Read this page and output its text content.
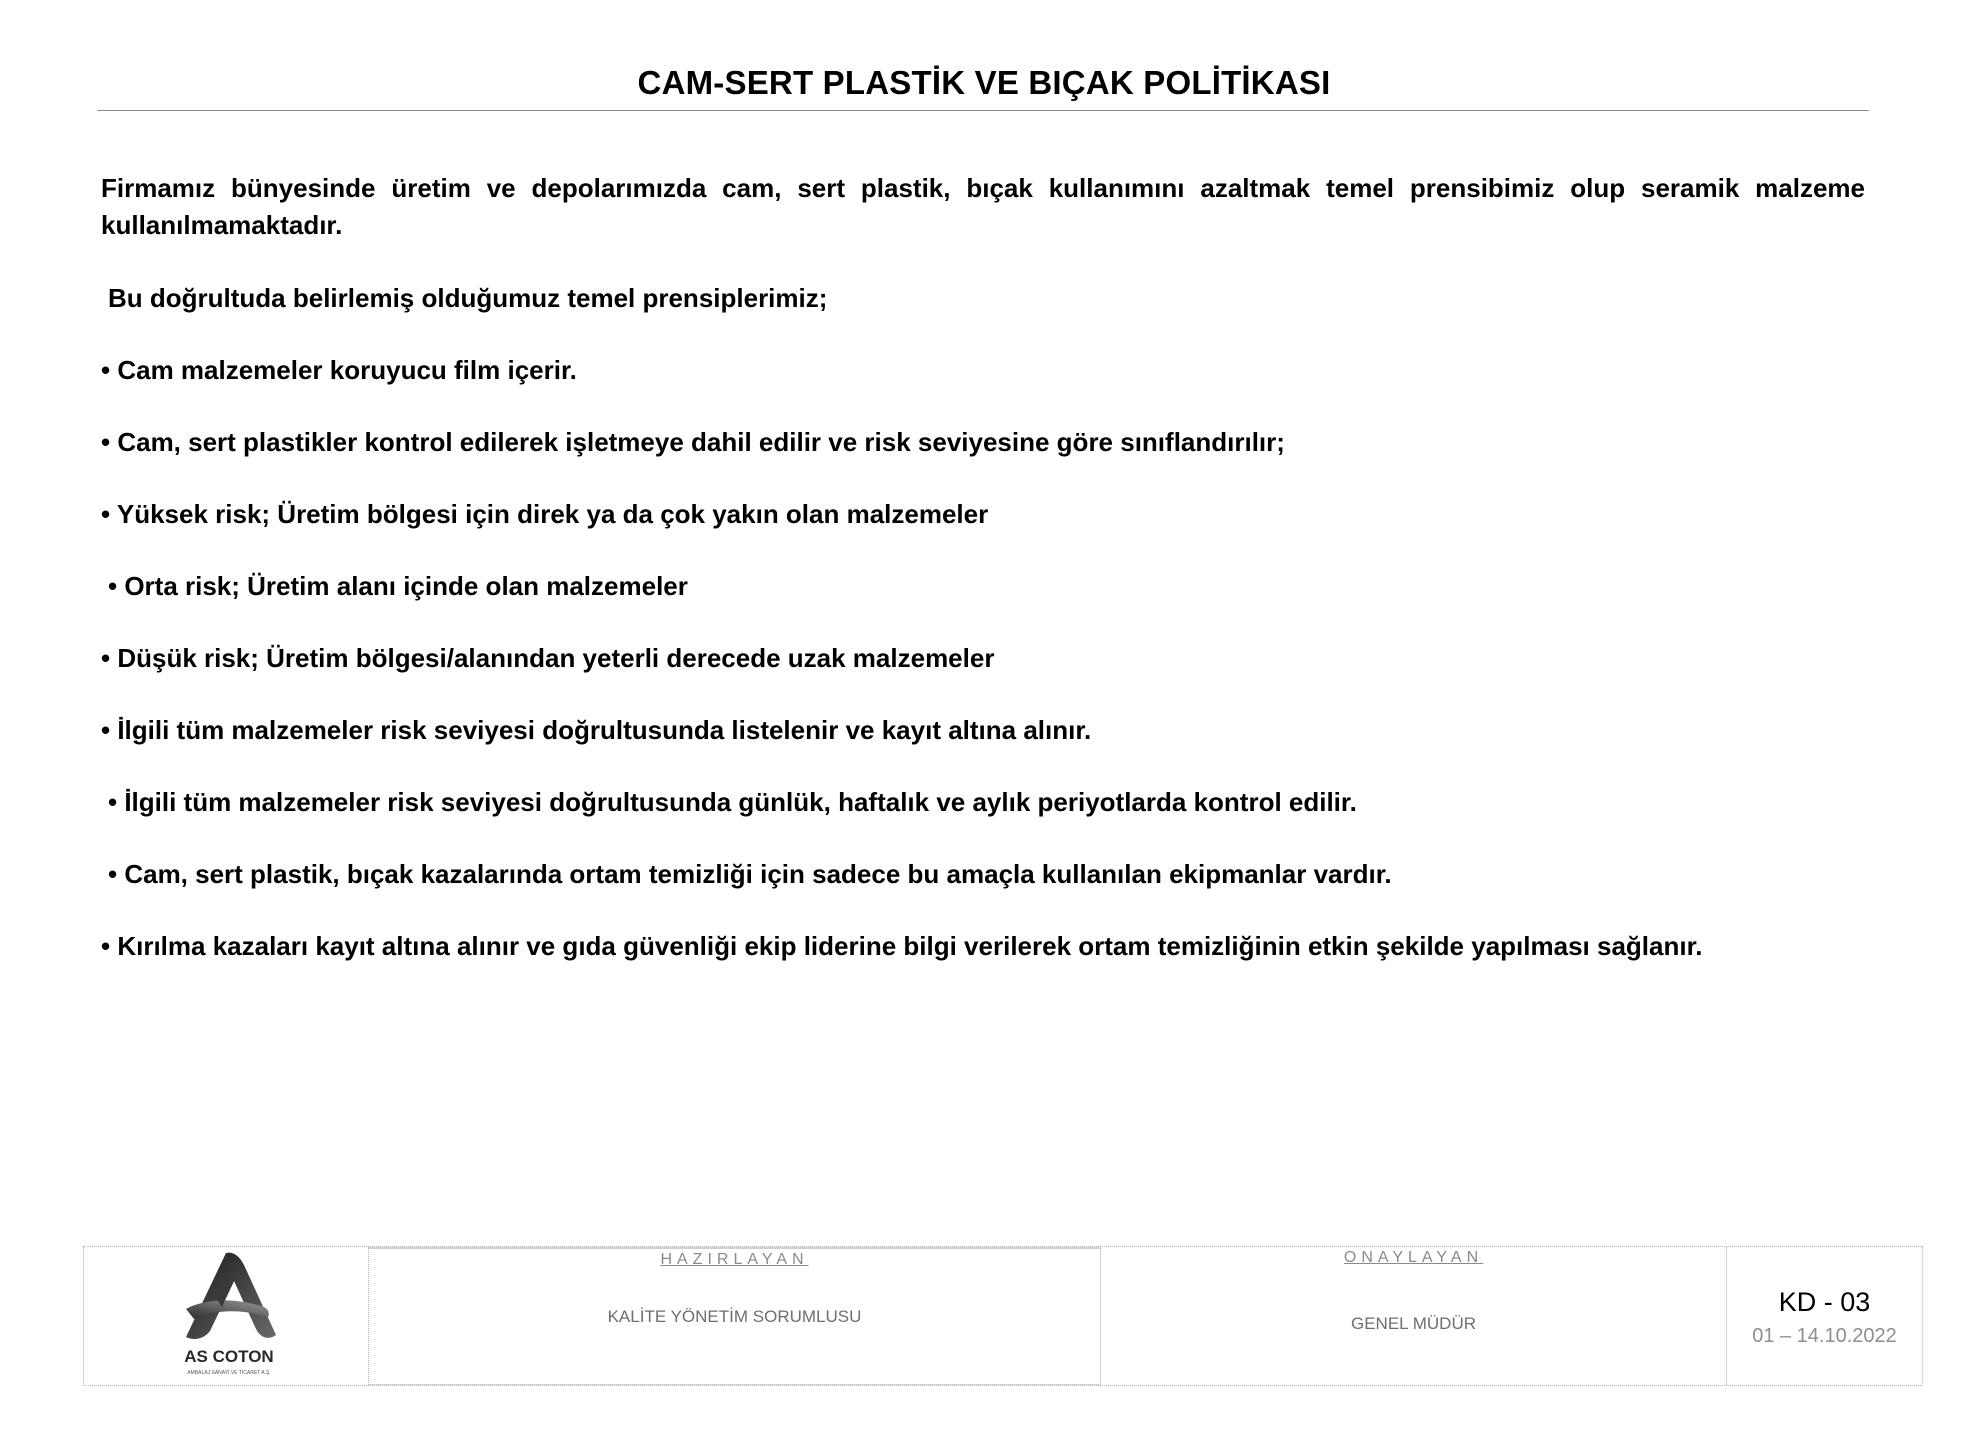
CAM-SERT PLASTİK VE BIÇAK POLİTİKASI

Firmamız bünyesinde üretim ve depolarımızda cam, sert plastik, bıçak kullanımını azaltmak temel prensibimiz olup seramik malzeme kullanılmamaktadır.

Bu doğrultuda belirlemiş olduğumuz temel prensiplerimiz;

• Cam malzemeler koruyucu film içerir.

• Cam, sert plastikler kontrol edilerek işletmeye dahil edilir ve risk seviyesine göre sınıflandırılır;

• Yüksek risk; Üretim bölgesi için direk ya da çok yakın olan malzemeler

• Orta risk; Üretim alanı içinde olan malzemeler

• Düşük risk; Üretim bölgesi/alanından yeterli derecede uzak malzemeler

• İlgili tüm malzemeler risk seviyesi doğrultusunda listelenir ve kayıt altına alınır.

• İlgili tüm malzemeler risk seviyesi doğrultusunda günlük, haftalık ve aylık periyotlarda kontrol edilir.

• Cam, sert plastik, bıçak kazalarında ortam temizliği için sadece bu amaçla kullanılan ekipmanlar vardır.

• Kırılma kazaları kayıt altına alınır ve gıda güvenliği ekip liderine bilgi verilerek ortam temizliğinin etkin şekilde yapılması sağlanır.

AS COTON
AMBALAJ SANAYİ VE TİCARET A.Ş.
HAZIRLAYAN
KALİTE YÖNETİM SORUMLUSU
ONAYLAYAN
GENEL MÜDÜR
KD - 03
01 – 14.10.2022
